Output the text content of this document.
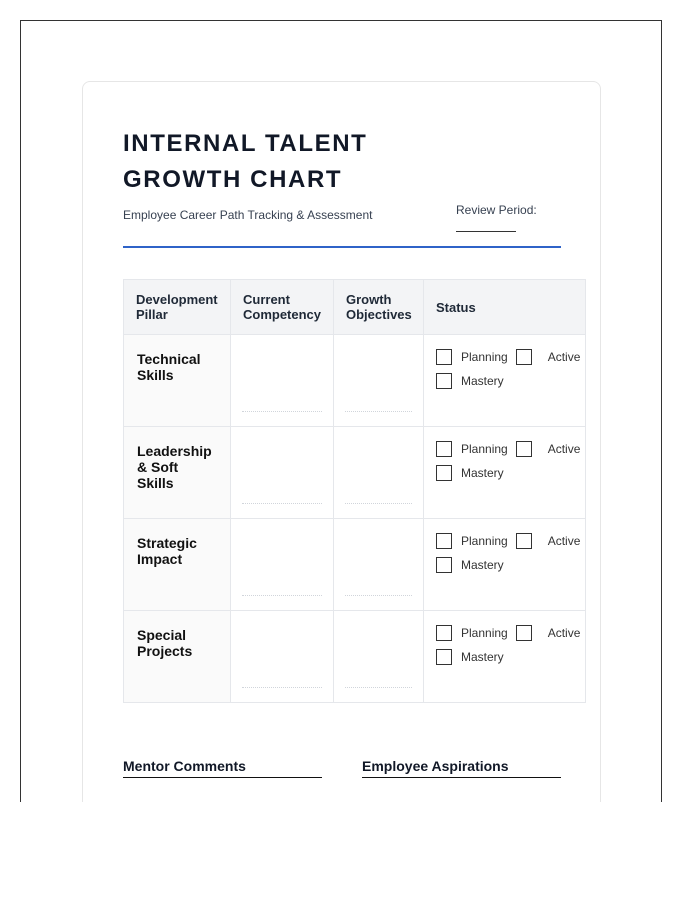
INTERNAL TALENT GROWTH CHART

Employee Career Path Tracking & Assessment	Review Period:
Development Pillar	Current Competency	Growth Objectives	Status
Technical Skills			Planning Active
Mastery

Leadership & Soft Skills			Planning Active
Mastery

Strategic Impact			Planning Active
Mastery

Special Projects			Planning Active
Mastery
Mentor Comments	Employee Aspirations
